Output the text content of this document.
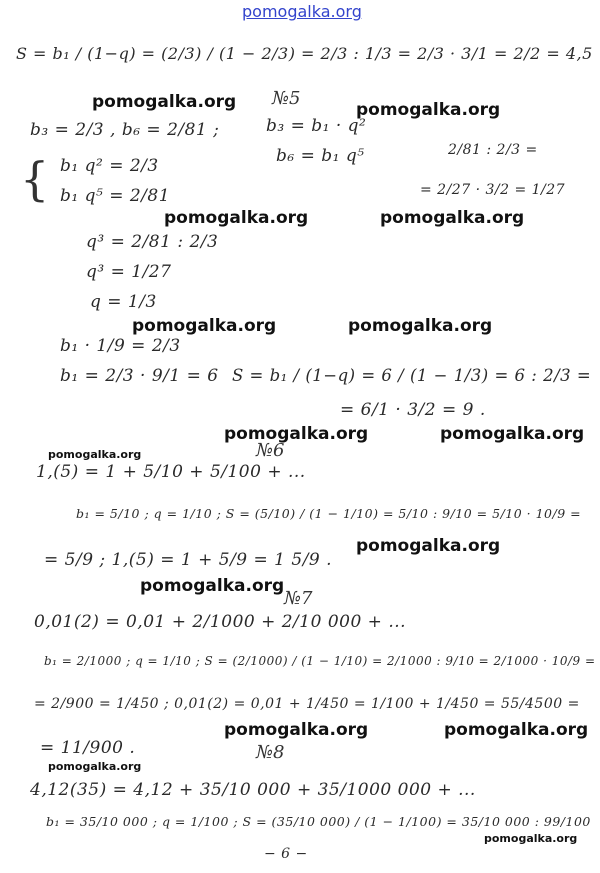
pomogalka.org
pomogalka.org	pomogalka.org
pomogalka.org	pomogalka.org
pomogalka.org	pomogalka.org
pomogalka.org	pomogalka.org
pomogalka.org
pomogalka.org
pomogalka.org
pomogalka.org	pomogalka.org
pomogalka.org
pomogalka.org
№5
№6
№7
№8
S = b₁ / (1−q) = (2/3) / (1 − 2/3) = 2/3 : 1/3 = 2/3 · 3/1 = 2/2 = 4,5
b₃ = 2/3 , b₆ = 2/81 ;	b₃ = b₁ · q²
b₆ = b₁ q⁵	2/81 : 2/3 =
= 2/27 · 3/2 = 1/27
{ b₁ q² = 2/3
b₁ q⁵ = 2/81
q³ = 2/81 : 2/3
q³ = 1/27
q = 1/3
b₁ · 1/9 = 2/3
b₁ = 2/3 · 9/1 = 6 S = b₁ / (1−q) = 6 / (1 − 1/3) = 6 : 2/3 =
= 6/1 · 3/2 = 9 .
1,(5) = 1 + 5/10 + 5/100 + ...
b₁ = 5/10 ; q = 1/10 ; S = (5/10) / (1 − 1/10) = 5/10 : 9/10 = 5/10 · 10/9 =
= 5/9 ; 1,(5) = 1 + 5/9 = 1 5/9 .
0,01(2) = 0,01 + 2/1000 + 2/10 000 + ...
b₁ = 2/1000 ; q = 1/10 ; S = (2/1000) / (1 − 1/10) = 2/1000 : 9/10 = 2/1000 · 10/9 =
= 2/900 = 1/450 ; 0,01(2) = 0,01 + 1/450 = 1/100 + 1/450 = 55/4500 =
= 11/900 .
4,12(35) = 4,12 + 35/10 000 + 35/1000 000 + ...
b₁ = 35/10 000 ; q = 1/100 ; S = (35/10 000) / (1 − 1/100) = 35/10 000 : 99/100
− 6 −
